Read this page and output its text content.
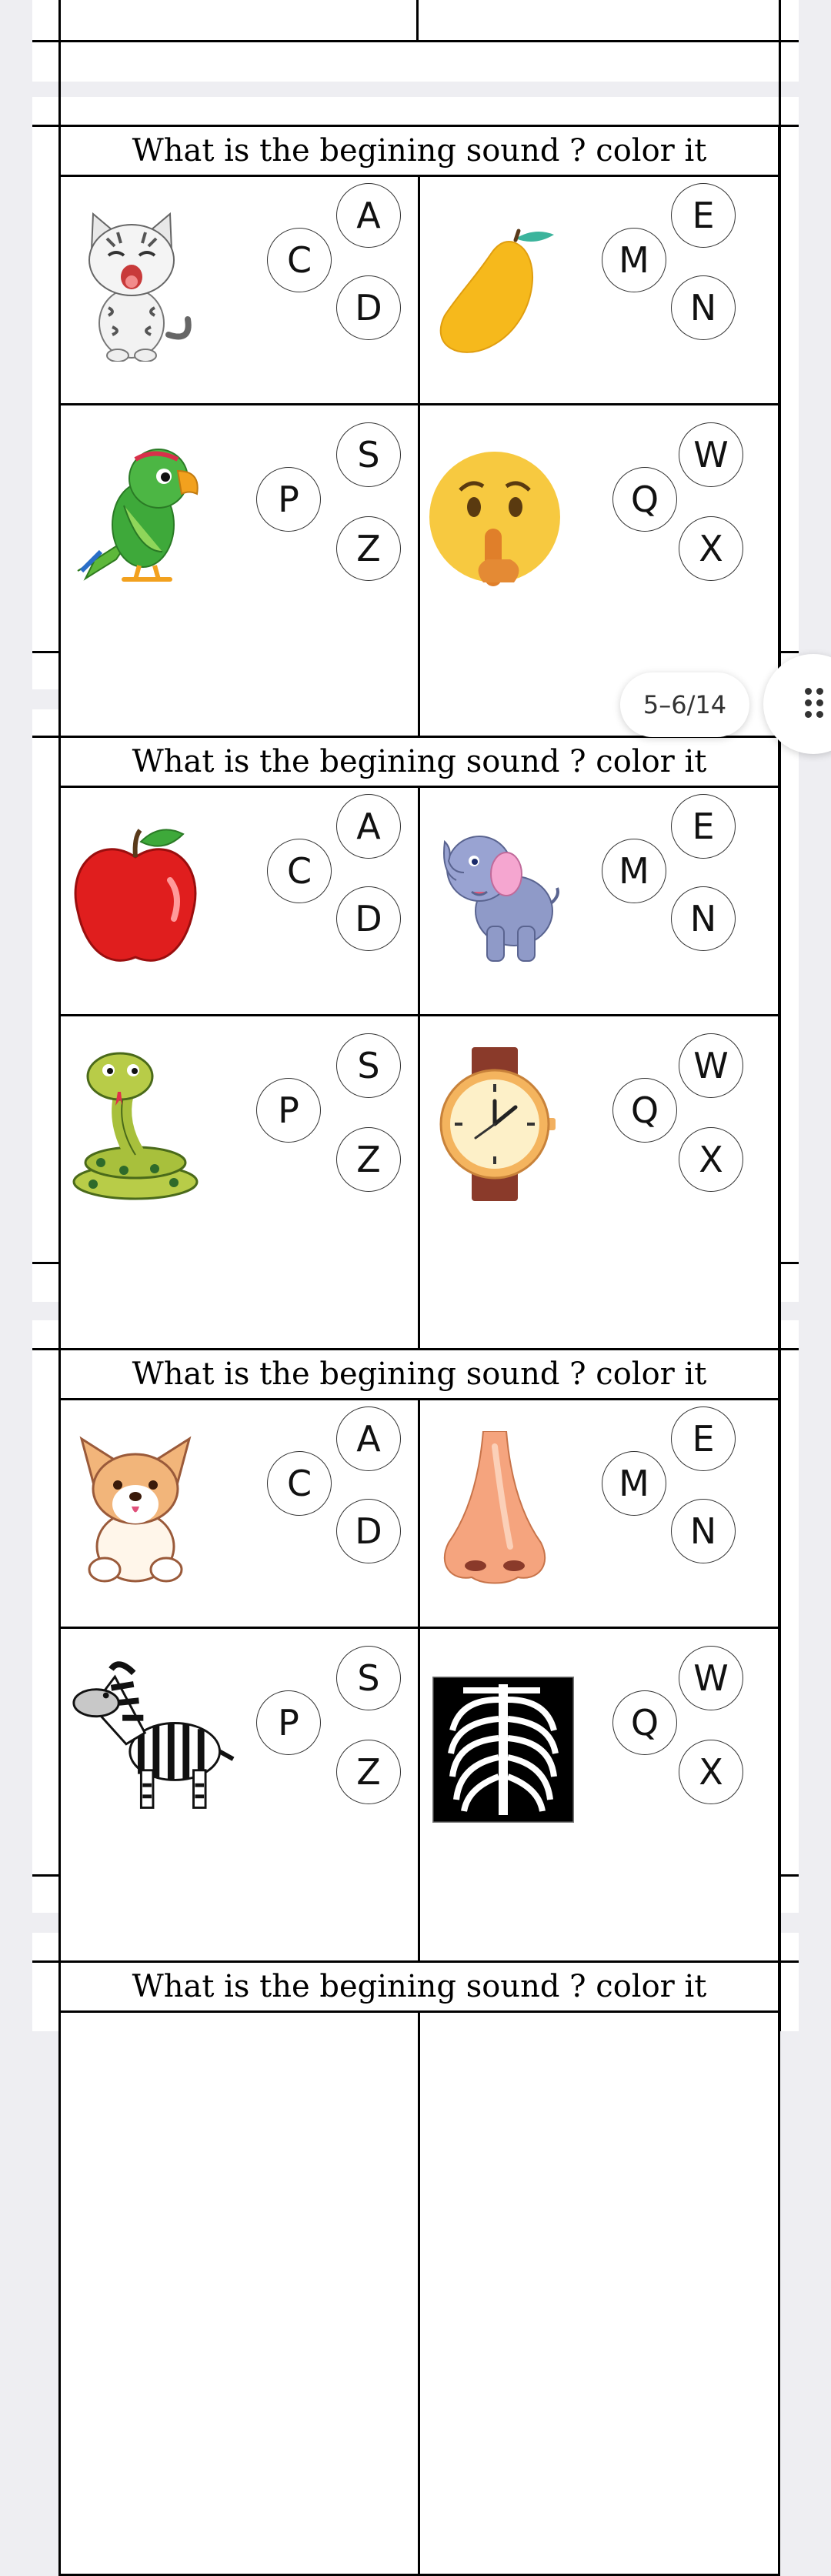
What is the begining sound ? color it
A
C
D
E
M
N
S
P
Z
W
Q
X
What is the begining sound ? color it
A
C
D
E
M
N
S
P
Z
W
Q
X
What is the begining sound ? color it
A
C
D
E
M
N
S
P
Z
W
Q
X
What is the begining sound ? color it
5–6/14
